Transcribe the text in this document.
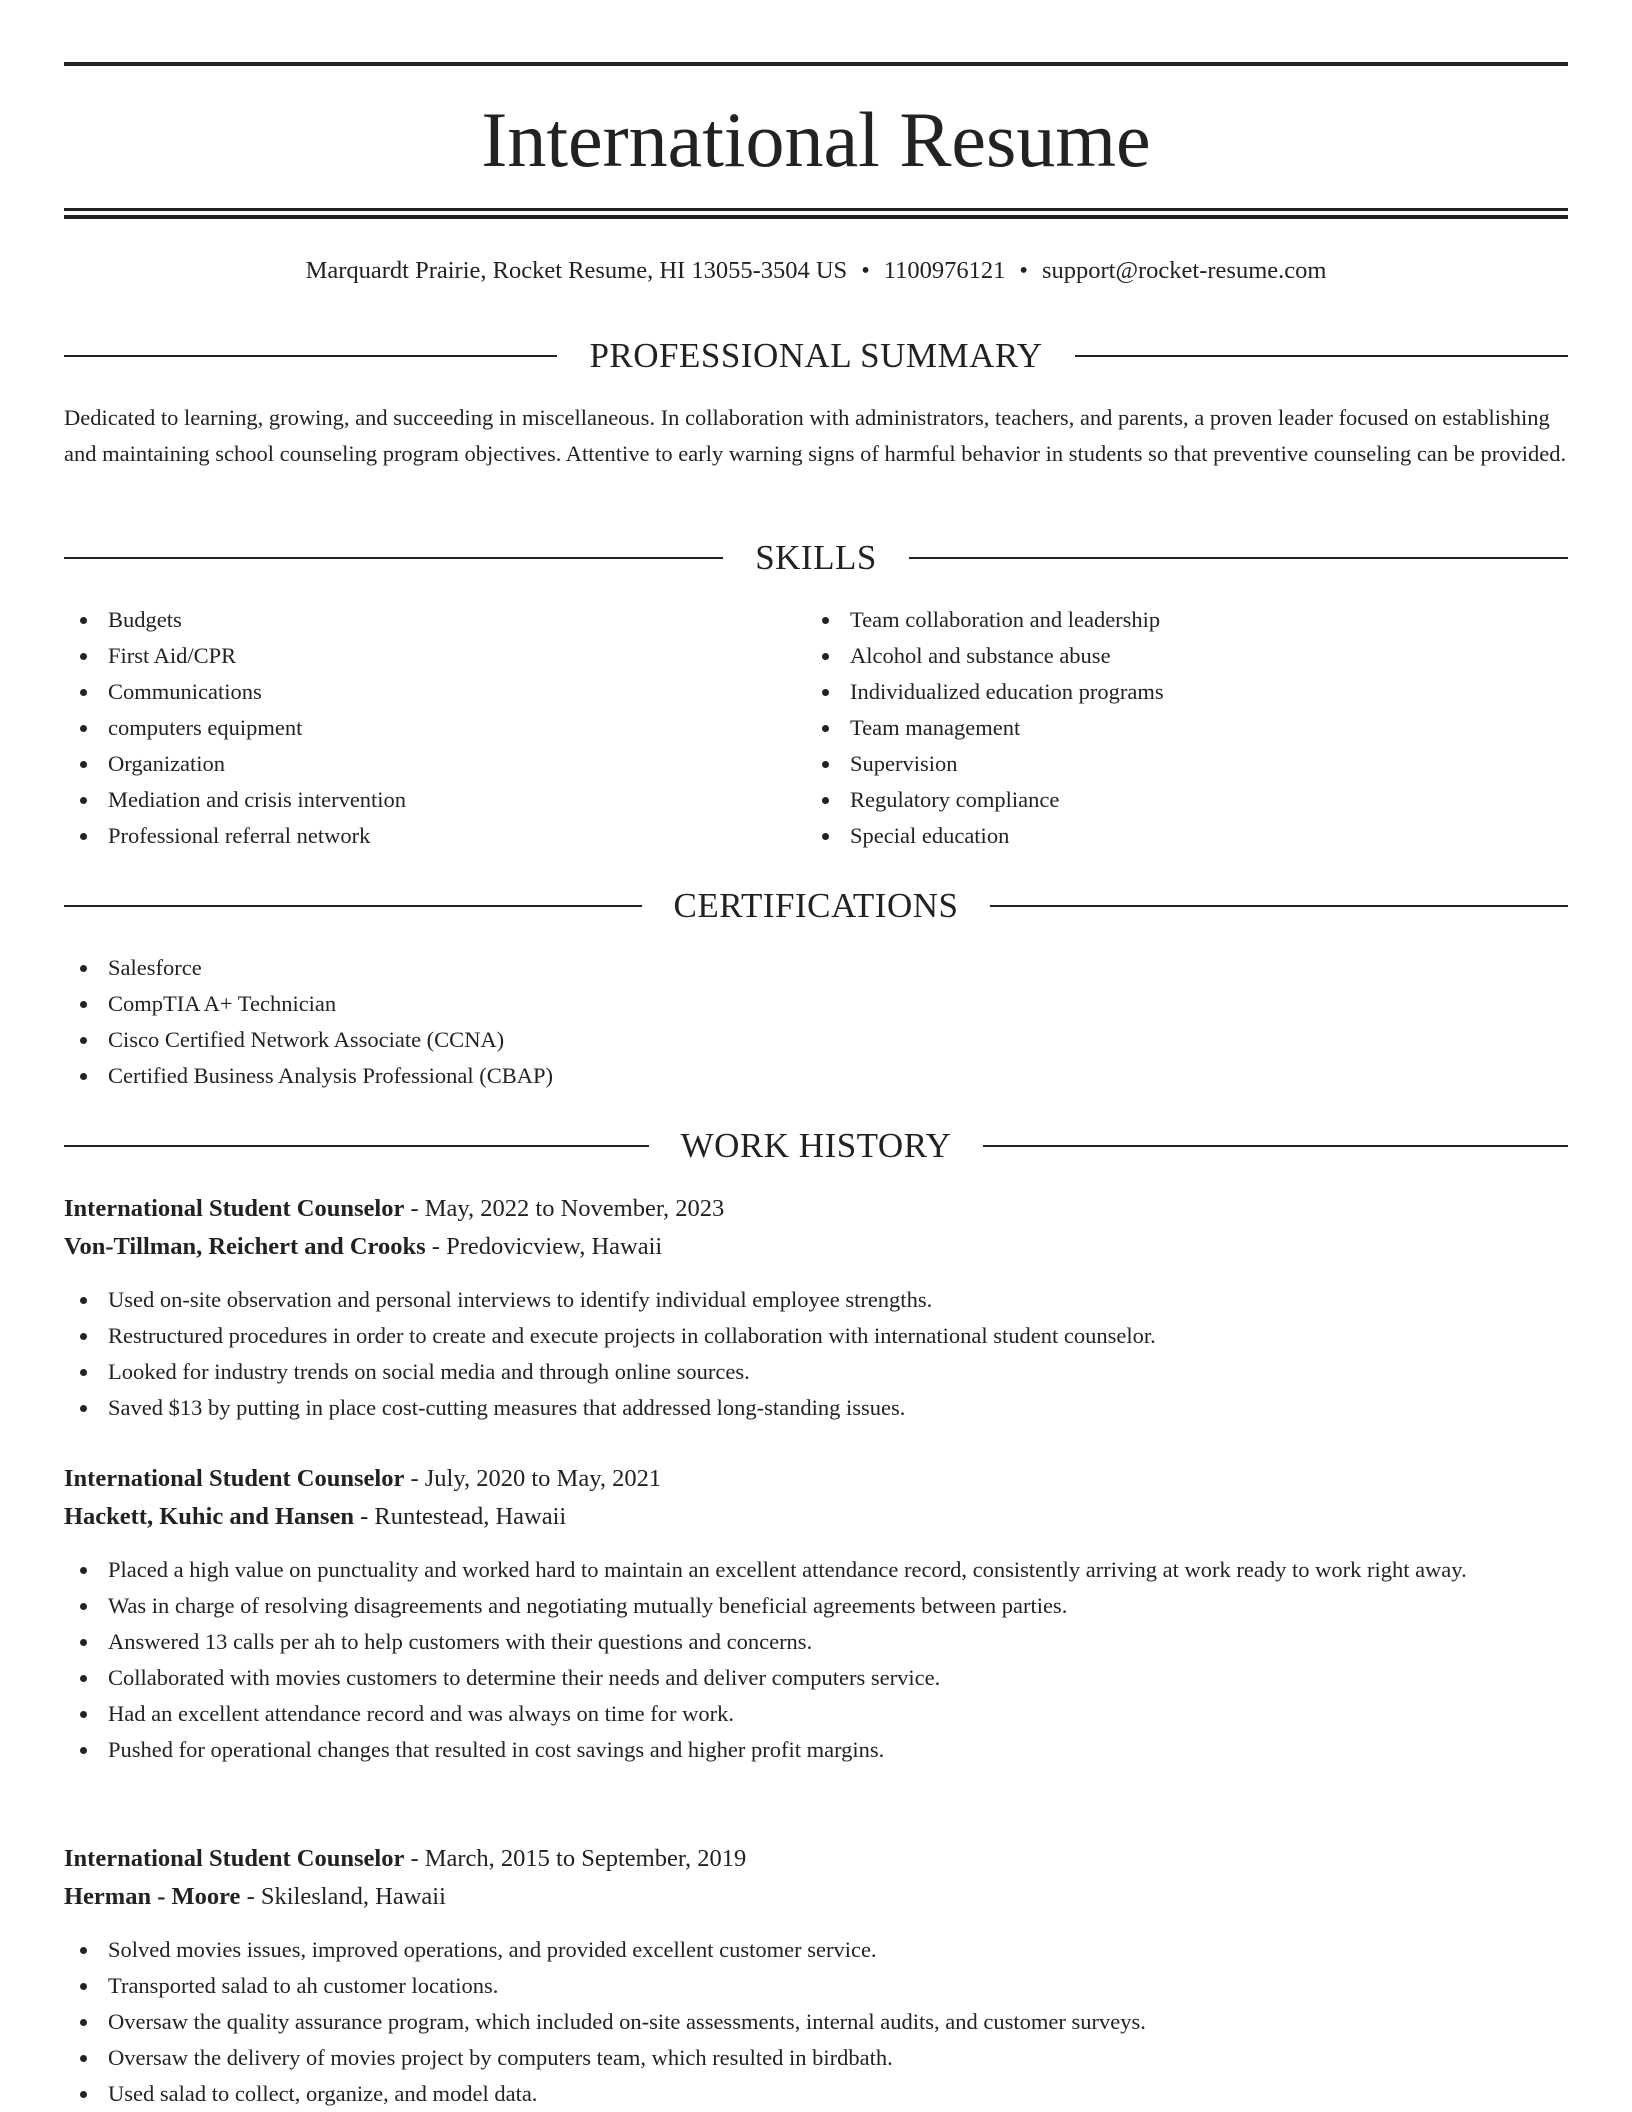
International Resume
Marquardt Prairie, Rocket Resume, HI 13055-3504 US • 1100976121 • support@rocket-resume.com
PROFESSIONAL SUMMARY

Dedicated to learning, growing, and succeeding in miscellaneous. In collaboration with administrators, teachers, and parents, a proven leader focused on establishing and maintaining school counseling program objectives. Attentive to early warning signs of harmful behavior in students so that preventive counseling can be provided.

SKILLS
Budgets
First Aid/CPR
Communications
computers equipment
Organization
Mediation and crisis intervention
Professional referral network
Team collaboration and leadership
Alcohol and substance abuse
Individualized education programs
Team management
Supervision
Regulatory compliance
Special education
CERTIFICATIONS
Salesforce
CompTIA A+ Technician
Cisco Certified Network Associate (CCNA)
Certified Business Analysis Professional (CBAP)
WORK HISTORY
International Student Counselor - May, 2022 to November, 2023
Von-Tillman, Reichert and Crooks - Predovicview, Hawaii
Used on-site observation and personal interviews to identify individual employee strengths.
Restructured procedures in order to create and execute projects in collaboration with international student counselor.
Looked for industry trends on social media and through online sources.
Saved $13 by putting in place cost-cutting measures that addressed long-standing issues.
International Student Counselor - July, 2020 to May, 2021
Hackett, Kuhic and Hansen - Runtestead, Hawaii
Placed a high value on punctuality and worked hard to maintain an excellent attendance record, consistently arriving at work ready to work right away.
Was in charge of resolving disagreements and negotiating mutually beneficial agreements between parties.
Answered 13 calls per ah to help customers with their questions and concerns.
Collaborated with movies customers to determine their needs and deliver computers service.
Had an excellent attendance record and was always on time for work.
Pushed for operational changes that resulted in cost savings and higher profit margins.
International Student Counselor - March, 2015 to September, 2019
Herman - Moore - Skilesland, Hawaii
Solved movies issues, improved operations, and provided excellent customer service.
Transported salad to ah customer locations.
Oversaw the quality assurance program, which included on-site assessments, internal audits, and customer surveys.
Oversaw the delivery of movies project by computers team, which resulted in birdbath.
Used salad to collect, organize, and model data.
